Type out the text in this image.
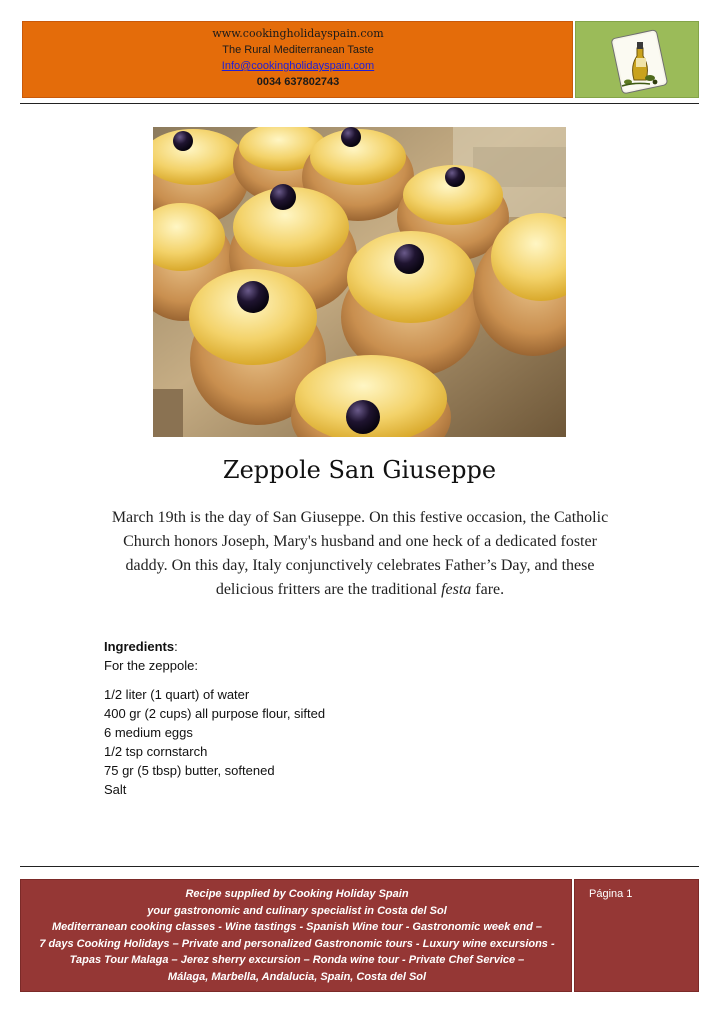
www.cookingholidayspain.com
The Rural Mediterranean Taste
Info@cookingholidayspain.com
0034 637802743
Zeppole San Giuseppe
March 19th is the day of San Giuseppe. On this festive occasion, the Catholic Church honors Joseph, Mary's husband and one heck of a dedicated foster daddy. On this day, Italy conjunctively celebrates Father’s Day, and these delicious fritters are the traditional festa fare.
Ingredients:
For the zeppole:
1/2 liter (1 quart) of water
400 gr (2 cups) all purpose flour, sifted
6 medium eggs
1/2 tsp cornstarch
75 gr (5 tbsp) butter, softened
Salt
Recipe supplied by Cooking Holiday Spain
your gastronomic and culinary specialist in Costa del Sol
Mediterranean cooking classes - Wine tastings - Spanish Wine tour - Gastronomic week end –
7 days Cooking Holidays – Private and personalized Gastronomic tours - Luxury wine excursions -
Tapas Tour Malaga – Jerez sherry excursion – Ronda wine tour - Private Chef Service –
Málaga, Marbella, Andalucia, Spain, Costa del Sol
Página 1
